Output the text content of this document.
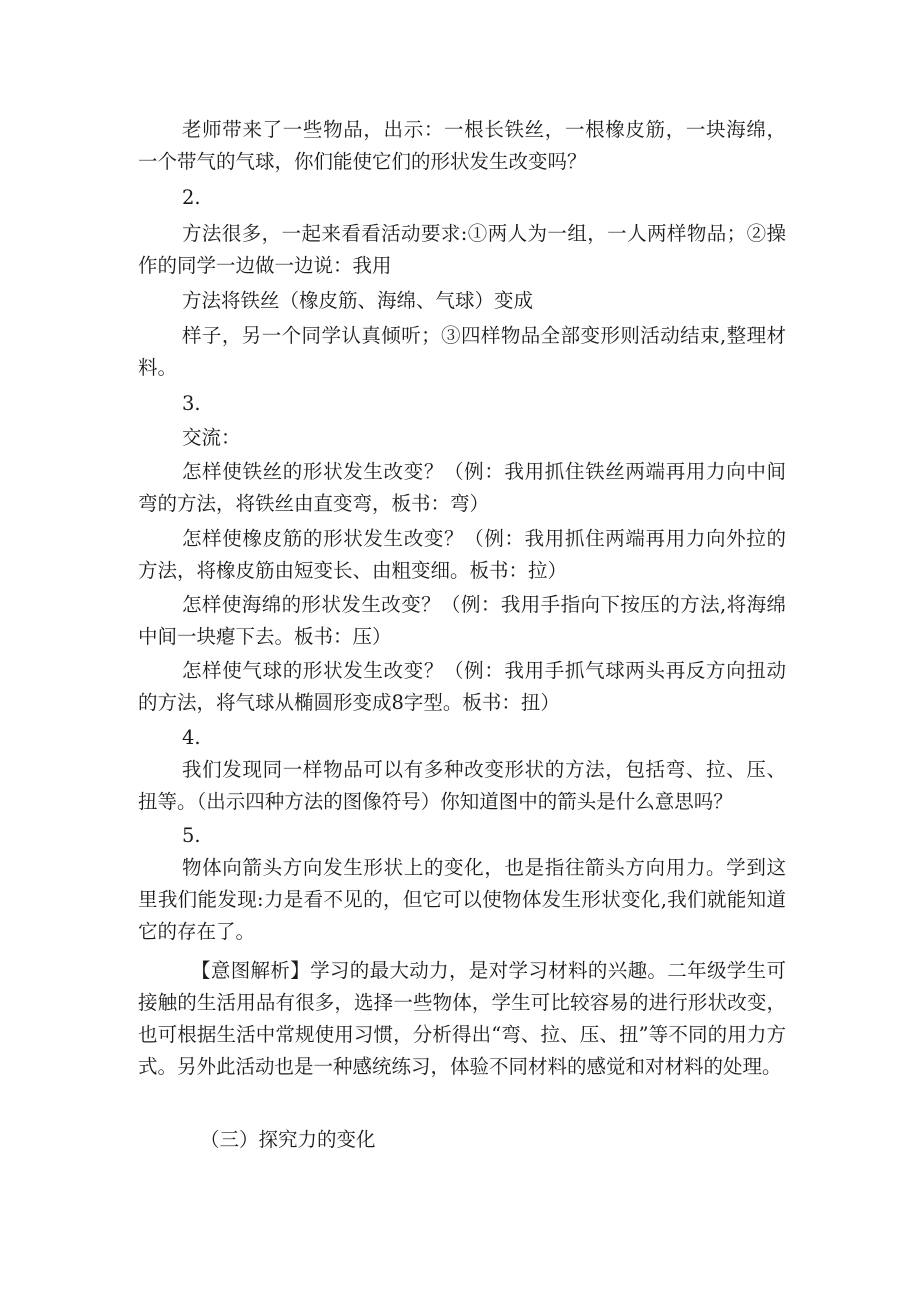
老师带来了一些物品，出示：一根长铁丝，一根橡皮筋，一块海绵，一个带气的气球，你们能使它们的形状发生改变吗？

2.

方法很多，一起来看看活动要求:①两人为一组，一人两样物品；②操作的同学一边做一边说：我用

方法将铁丝（橡皮筋、海绵、气球）变成

样子，另一个同学认真倾听；③四样物品全部变形则活动结束,整理材料。

3.

交流：

怎样使铁丝的形状发生改变？（例：我用抓住铁丝两端再用力向中间弯的方法，将铁丝由直变弯，板书：弯）

怎样使橡皮筋的形状发生改变？（例：我用抓住两端再用力向外拉的方法，将橡皮筋由短变长、由粗变细。板书：拉）

怎样使海绵的形状发生改变？（例：我用手指向下按压的方法,将海绵中间一块瘪下去。板书：压）

怎样使气球的形状发生改变？（例：我用手抓气球两头再反方向扭动的方法，将气球从椭圆形变成8字型。板书：扭）

4.

我们发现同一样物品可以有多种改变形状的方法，包括弯、拉、压、扭等。（出示四种方法的图像符号）你知道图中的箭头是什么意思吗？

5.

物体向箭头方向发生形状上的变化，也是指往箭头方向用力。学到这里我们能发现:力是看不见的，但它可以使物体发生形状变化,我们就能知道它的存在了。

【意图解析】学习的最大动力，是对学习材料的兴趣。二年级学生可接触的生活用品有很多，选择一些物体，学生可比较容易的进行形状改变，也可根据生活中常规使用习惯，分析得出“弯、拉、压、扭”等不同的用力方式。另外此活动也是一种感统练习，体验不同材料的感觉和对材料的处理。

（三）探究力的变化
